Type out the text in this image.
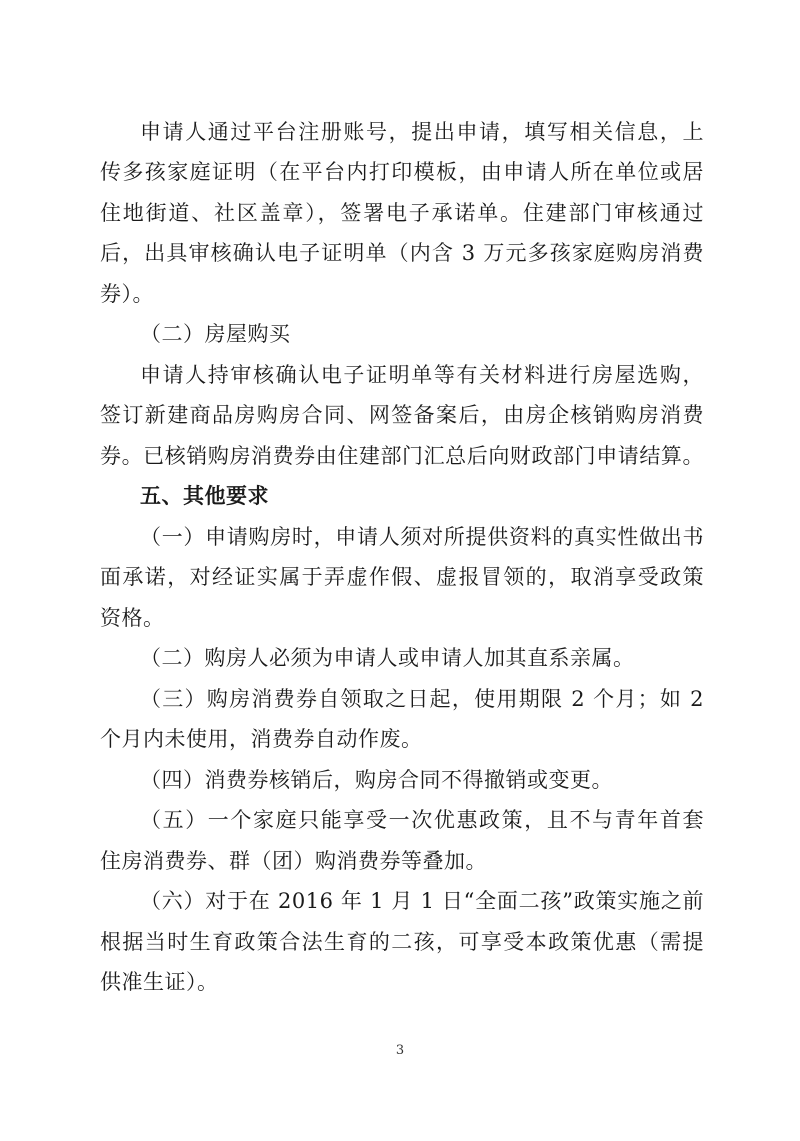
申请人通过平台注册账号，提出申请，填写相关信息，上
传多孩家庭证明（在平台内打印模板，由申请人所在单位或居
住地街道、社区盖章），签署电子承诺单。住建部门审核通过
后，出具审核确认电子证明单（内含 3 万元多孩家庭购房消费
券）。
（二）房屋购买
申请人持审核确认电子证明单等有关材料进行房屋选购，
签订新建商品房购房合同、网签备案后，由房企核销购房消费
券。已核销购房消费券由住建部门汇总后向财政部门申请结算。
五、其他要求
（一）申请购房时，申请人须对所提供资料的真实性做出书
面承诺，对经证实属于弄虚作假、虚报冒领的，取消享受政策
资格。
（二）购房人必须为申请人或申请人加其直系亲属。
（三）购房消费券自领取之日起，使用期限 2 个月；如 2
个月内未使用，消费券自动作废。
（四）消费券核销后，购房合同不得撤销或变更。
（五）一个家庭只能享受一次优惠政策，且不与青年首套
住房消费券、群（团）购消费券等叠加。
（六）对于在 2016 年 1 月 1 日“全面二孩”政策实施之前
根据当时生育政策合法生育的二孩，可享受本政策优惠（需提
供准生证）。
3
